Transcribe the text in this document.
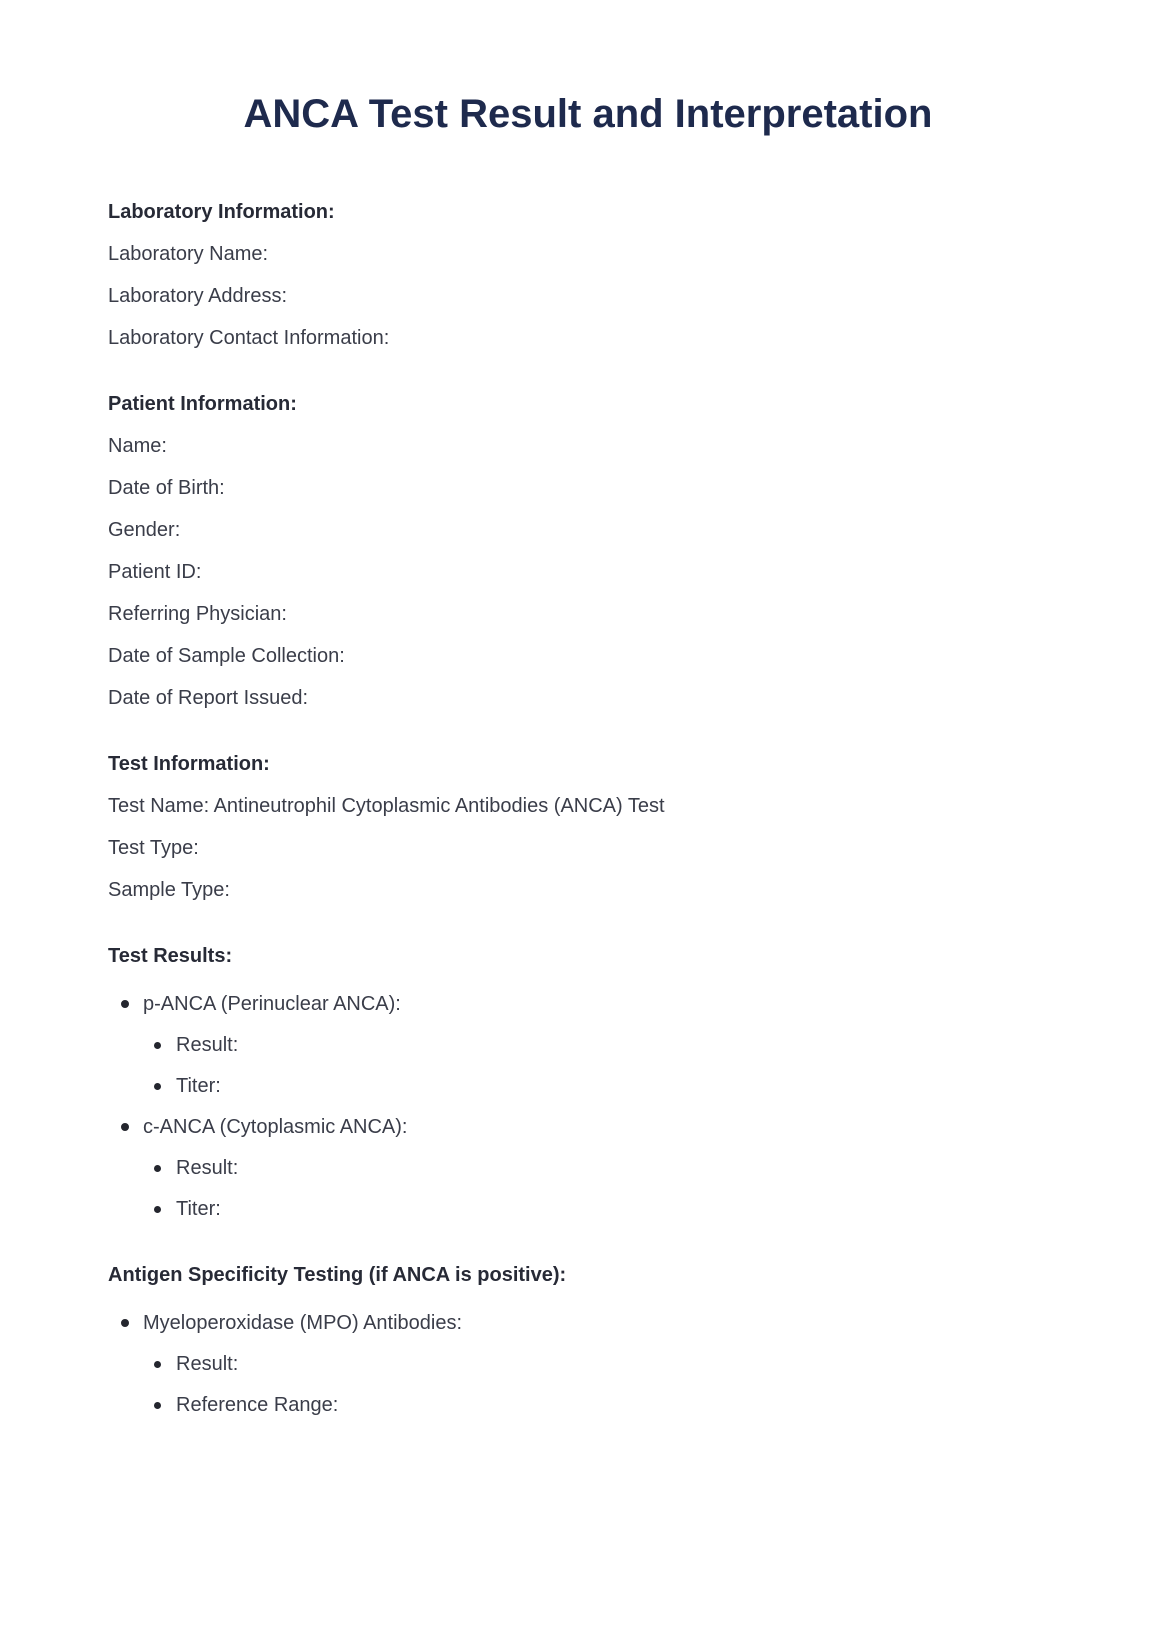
ANCA Test Result and Interpretation

Laboratory Information:

Laboratory Name:

Laboratory Address:

Laboratory Contact Information:

Patient Information:

Name:

Date of Birth:

Gender:

Patient ID:

Referring Physician:

Date of Sample Collection:

Date of Report Issued:

Test Information:

Test Name: Antineutrophil Cytoplasmic Antibodies (ANCA) Test

Test Type:

Sample Type:

Test Results:

p-ANCA (Perinuclear ANCA):
Result:
Titer:
c-ANCA (Cytoplasmic ANCA):
Result:
Titer:

Antigen Specificity Testing (if ANCA is positive):

Myeloperoxidase (MPO) Antibodies:
Result:
Reference Range:
